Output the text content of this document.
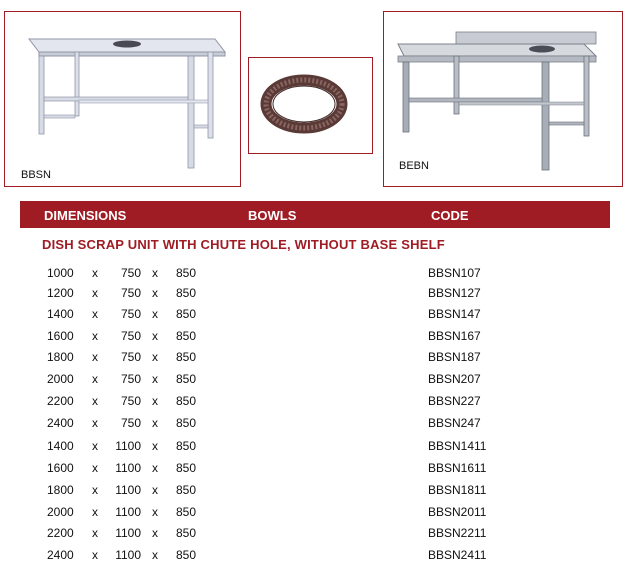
BBSN
BEBN
DIMENSIONS	BOWLS	CODE
DISH SCRAP UNIT WITH CHUTE HOLE, WITHOUT BASE SHELF
1000 x	750 x 850	BBSN107
1200 x	750 x 850	BBSN127
1400 x	750 x 850	BBSN147
1600 x	750 x 850	BBSN167
1800 x	750 x 850	BBSN187
2000 x	750 x 850	BBSN207
2200 x	750 x 850	BBSN227
2400 x	750 x 850	BBSN247
1400 x 1100 x 850	BBSN1411
1600 x 1100 x 850	BBSN1611
1800 x 1100 x 850	BBSN1811
2000 x 1100 x 850	BBSN2011
2200 x 1100 x 850	BBSN2211
2400 x 1100 x 850	BBSN2411
